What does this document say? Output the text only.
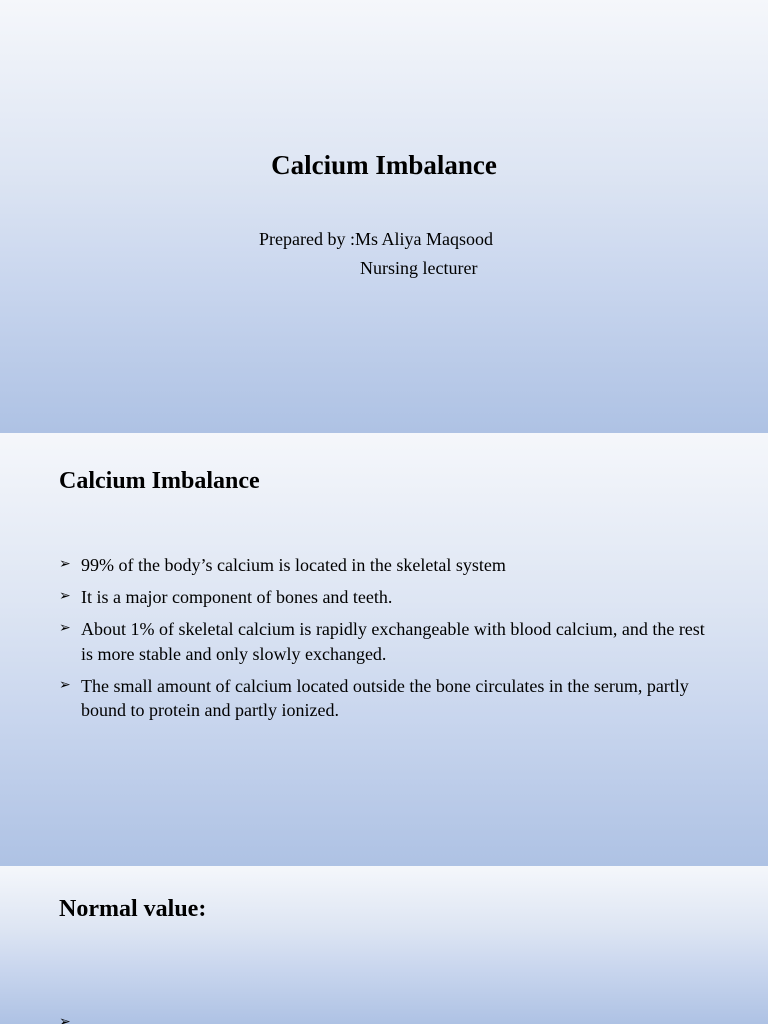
Calcium Imbalance
Prepared by :Ms Aliya Maqsood
Nursing lecturer
Calcium Imbalance
➢ 99% of the body’s calcium is located in the skeletal system
➢ It is a major component of bones and teeth.
➢ About 1% of skeletal calcium is rapidly exchangeable with blood calcium, and the rest is more stable and only slowly exchanged.
➢ The small amount of calcium located outside the bone circulates in the serum, partly bound to protein and partly ionized.
Normal value:
➢
